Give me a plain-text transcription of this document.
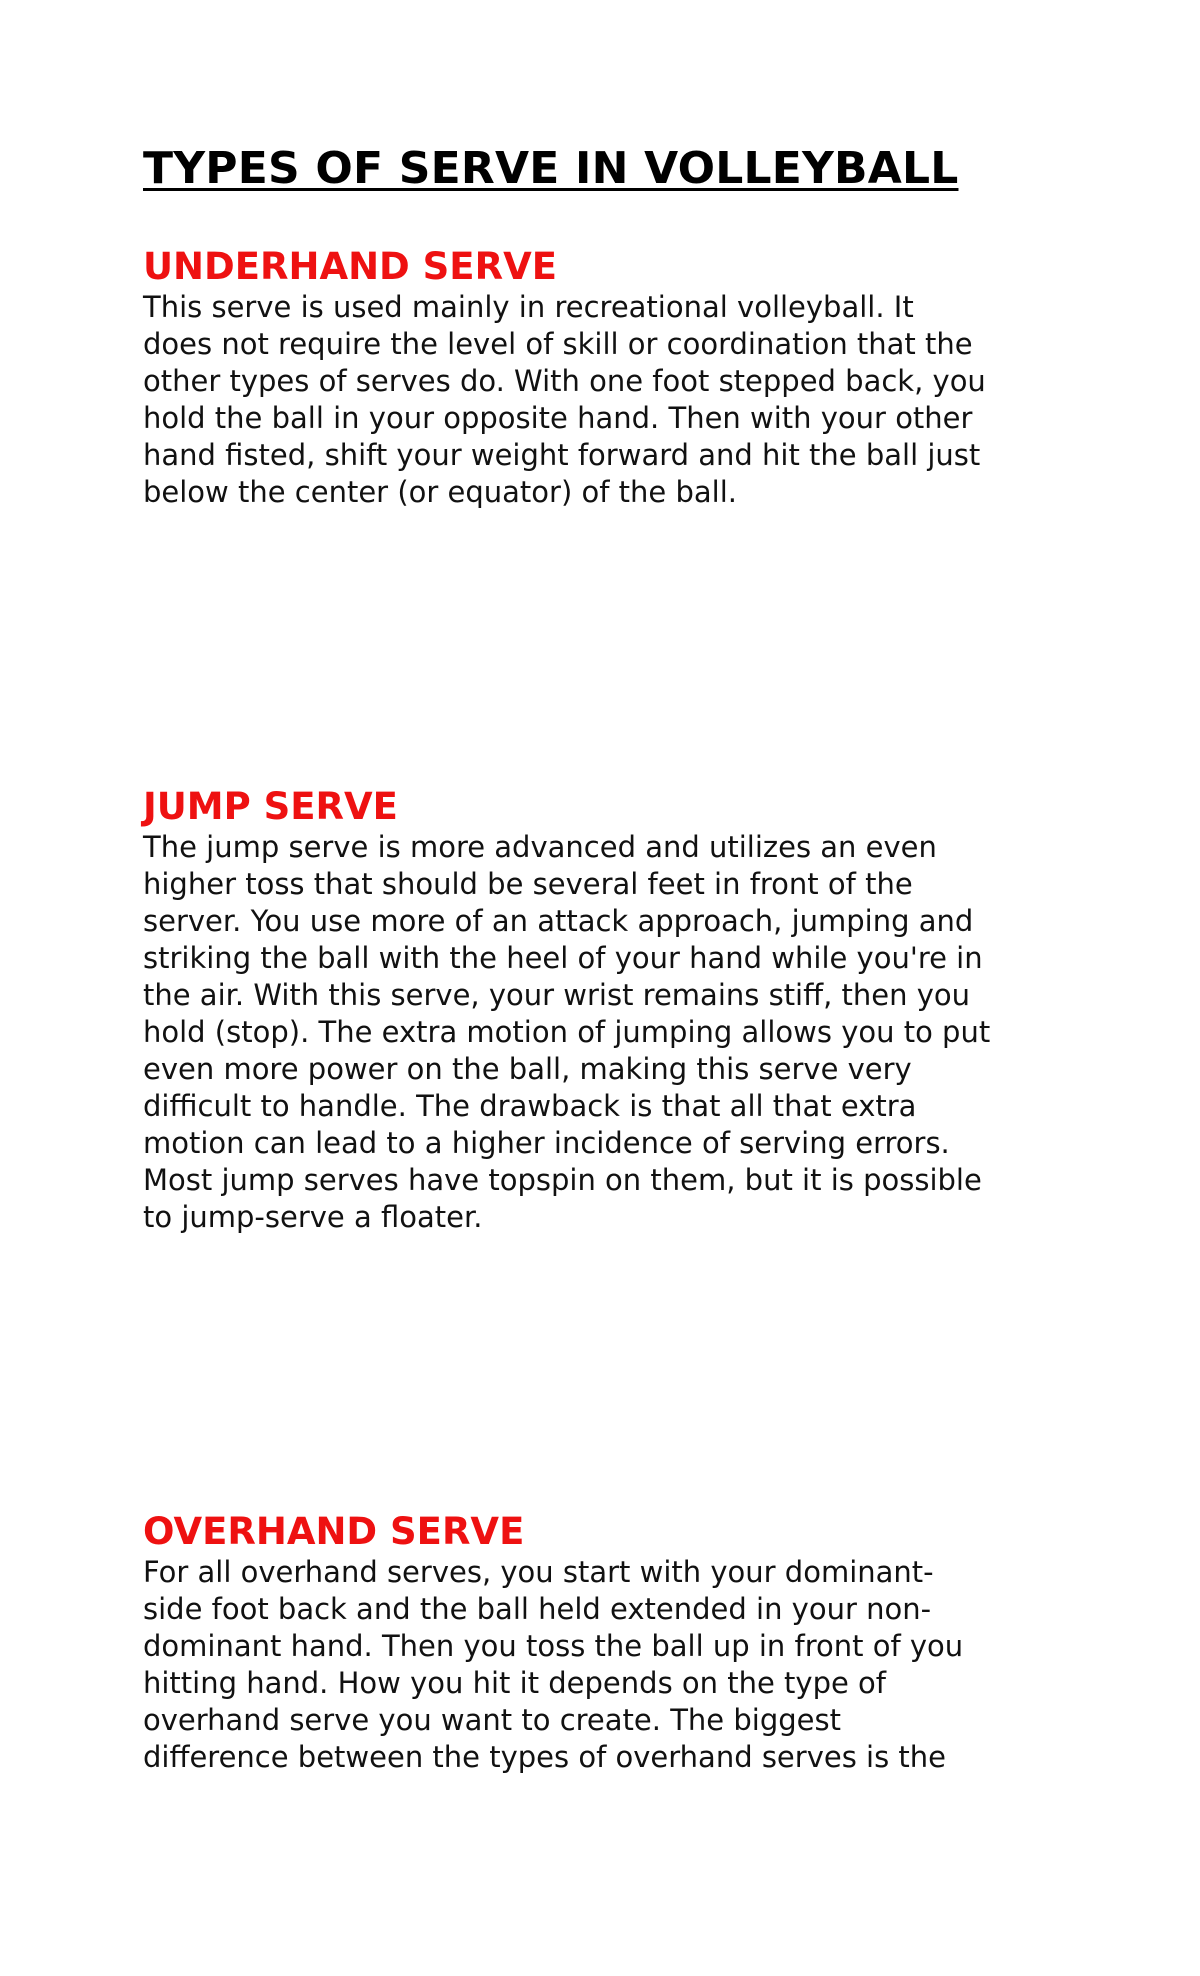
TYPES OF SERVE IN VOLLEYBALL
UNDERHAND SERVE

This serve is used mainly in recreational volleyball. It
does not require the level of skill or coordination that the
other types of serves do. With one foot stepped back, you
hold the ball in your opposite hand. Then with your other
hand fisted, shift your weight forward and hit the ball just
below the center (or equator) of the ball.

JUMP SERVE

The jump serve is more advanced and utilizes an even
higher toss that should be several feet in front of the
server. You use more of an attack approach, jumping and
striking the ball with the heel of your hand while you're in
the air. With this serve, your wrist remains stiff, then you
hold (stop). The extra motion of jumping allows you to put
even more power on the ball, making this serve very
difficult to handle. The drawback is that all that extra
motion can lead to a higher incidence of serving errors.
Most jump serves have topspin on them, but it is possible
to jump-serve a floater.

OVERHAND SERVE

For all overhand serves, you start with your dominant-
side foot back and the ball held extended in your non-
dominant hand. Then you toss the ball up in front of you
hitting hand. How you hit it depends on the type of
overhand serve you want to create. The biggest
difference between the types of overhand serves is the
